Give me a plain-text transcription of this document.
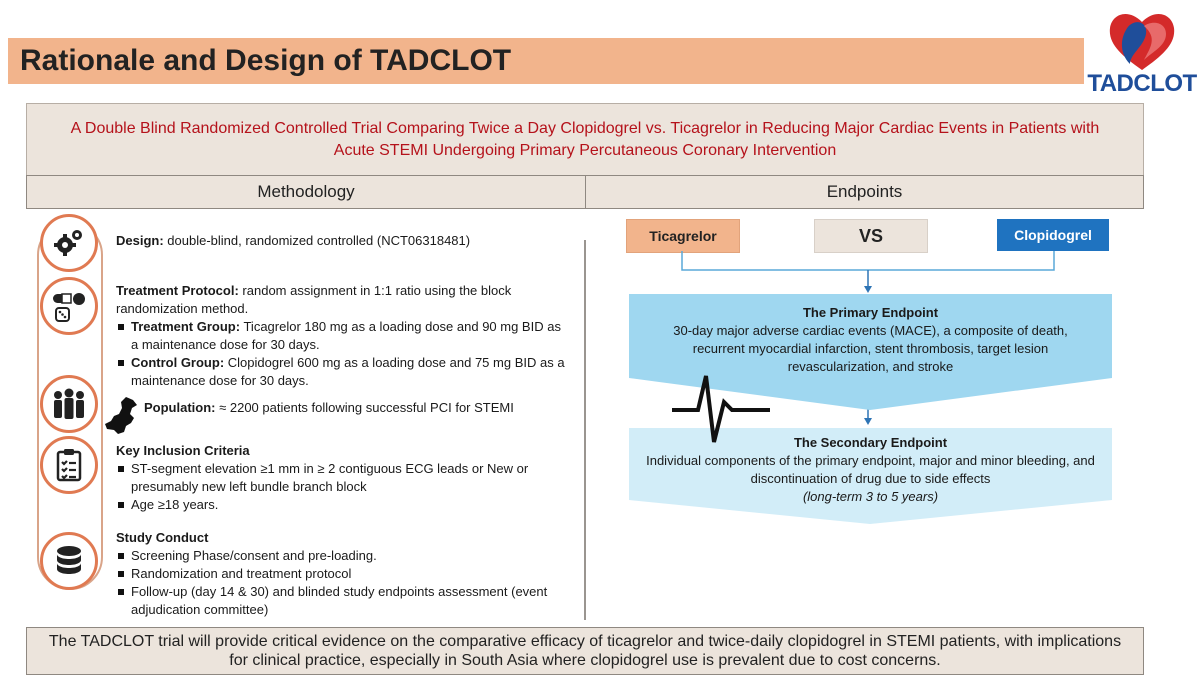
Rationale and Design of TADCLOT
TADCLOT
A Double Blind Randomized Controlled Trial Comparing Twice a Day Clopidogrel vs. Ticagrelor in Reducing Major Cardiac Events in Patients with Acute STEMI Undergoing Primary Percutaneous Coronary Intervention
Methodology	Endpoints
Design: double-blind, randomized controlled (NCT06318481)
Treatment Protocol: random assignment in 1:1 ratio using the block randomization method.
Treatment Group: Ticagrelor 180 mg as a loading dose and 90 mg BID as a maintenance dose for 30 days.
Control Group: Clopidogrel 600 mg as a loading dose and 75 mg BID as a maintenance dose for 30 days.
Population: ≈ 2200 patients following successful PCI for STEMI
Key Inclusion Criteria
ST-segment elevation ≥1 mm in ≥ 2 contiguous ECG leads or New or presumably new left bundle branch block
Age ≥18 years.
Study Conduct
Screening Phase/consent and pre-loading.
Randomization and treatment protocol
Follow-up (day 14 & 30) and blinded study endpoints assessment (event adjudication committee)
Ticagrelor	VS	Clopidogrel
The Primary Endpoint
30-day major adverse cardiac events (MACE), a composite of death, recurrent myocardial infarction, stent thrombosis, target lesion revascularization, and stroke
The Secondary Endpoint
Individual components of the primary endpoint, major and minor bleeding, and discontinuation of drug due to side effects
(long-term 3 to 5 years)
The TADCLOT trial will provide critical evidence on the comparative efficacy of ticagrelor and twice-daily clopidogrel in STEMI patients, with implications for clinical practice, especially in South Asia where clopidogrel use is prevalent due to cost concerns.
